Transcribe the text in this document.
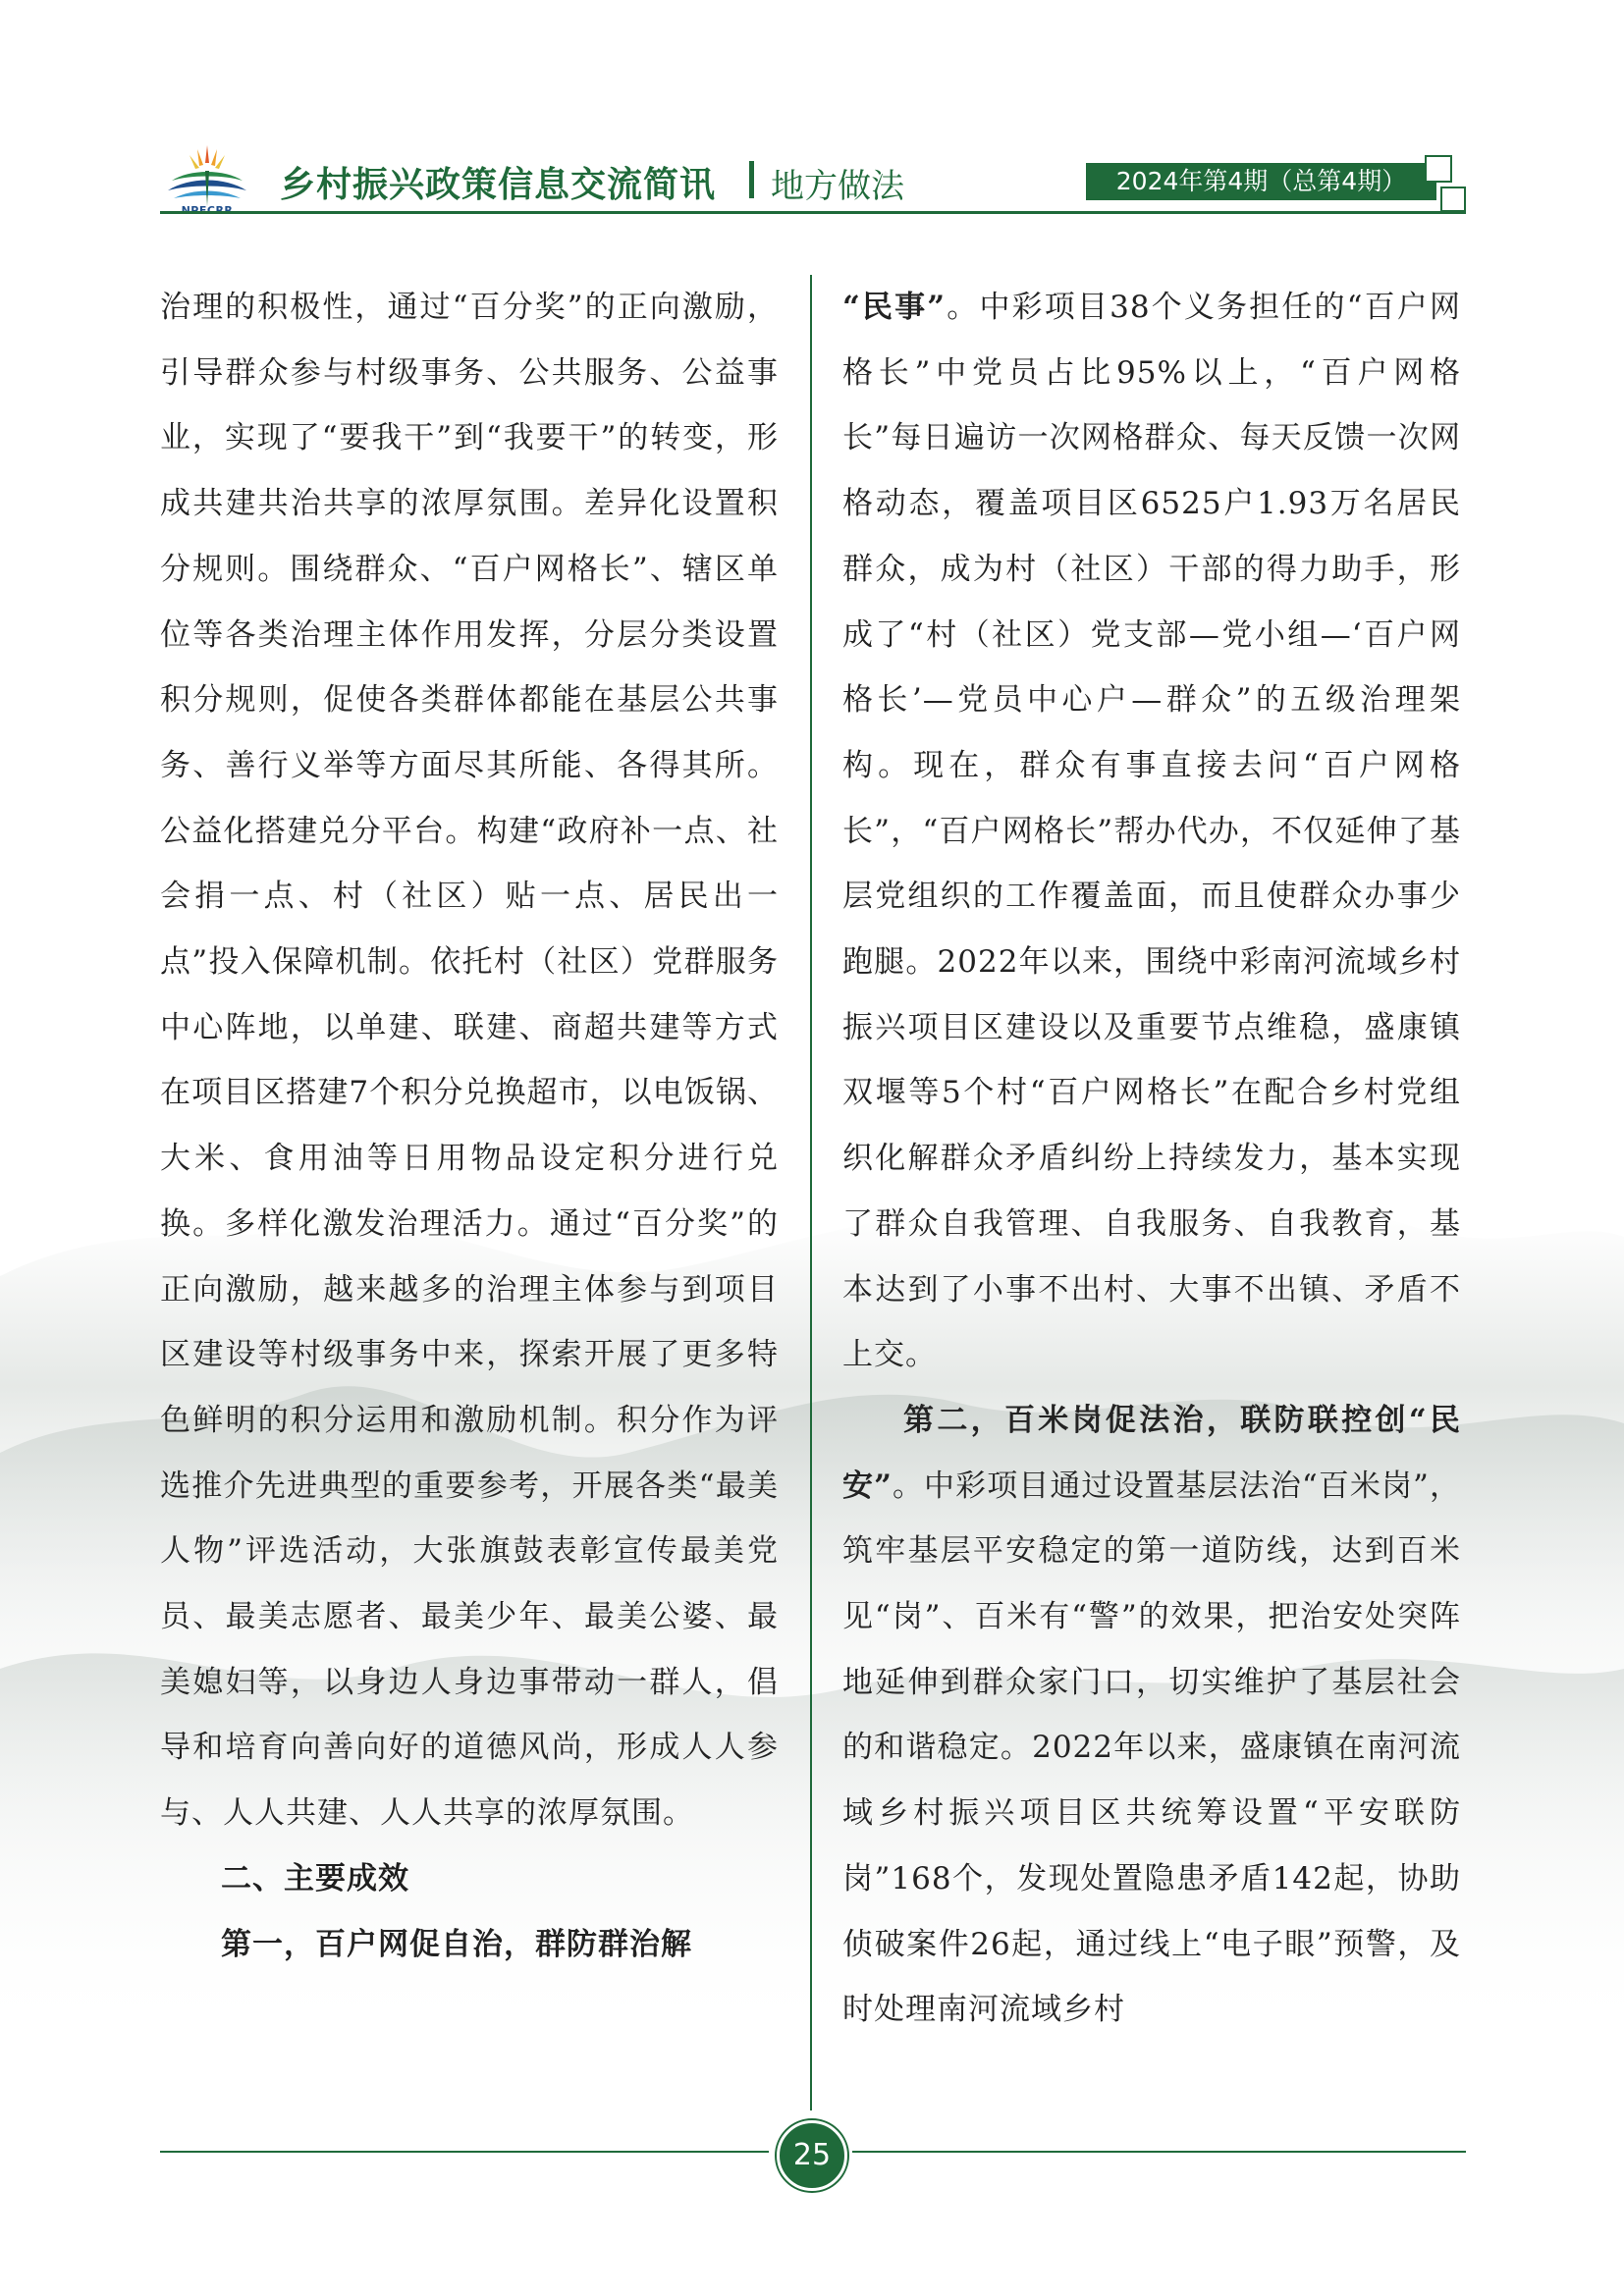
乡村振兴政策信息交流简讯 地方做法	2024年第4期（总第4期）

治理的积极性，通过“百分奖”的正向激励，引导群众参与村级事务、公共服务、公益事业，实现了“要我干”到“我要干”的转变，形成共建共治共享的浓厚氛围。差异化设置积分规则。围绕群众、“百户网格长”、辖区单位等各类治理主体作用发挥，分层分类设置积分规则，促使各类群体都能在基层公共事务、善行义举等方面尽其所能、各得其所。公益化搭建兑分平台。构建“政府补一点、社会捐一点、村（社区）贴一点、居民出一点”投入保障机制。依托村（社区）党群服务中心阵地，以单建、联建、商超共建等方式在项目区搭建7个积分兑换超市，以电饭锅、大米、食用油等日用物品设定积分进行兑换。多样化激发治理活力。通过“百分奖”的正向激励，越来越多的治理主体参与到项目区建设等村级事务中来，探索开展了更多特色鲜明的积分运用和激励机制。积分作为评选推介先进典型的重要参考，开展各类“最美人物”评选活动，大张旗鼓表彰宣传最美党员、最美志愿者、最美少年、最美公婆、最美媳妇等，以身边人身边事带动一群人，倡导和培育向善向好的道德风尚，形成人人参与、人人共建、人人共享的浓厚氛围。

二、主要成效

第一，百户网促自治，群防群治解

“民事”。中彩项目38个义务担任的“百户网格长”中党员占比95%以上，“百户网格长”每日遍访一次网格群众、每天反馈一次网格动态，覆盖项目区6525户1.93万名居民群众，成为村（社区）干部的得力助手，形成了“村（社区）党支部—党小组—‘百户网格长’—党员中心户—群众”的五级治理架构。现在，群众有事直接去问“百户网格长”，“百户网格长”帮办代办，不仅延伸了基层党组织的工作覆盖面，而且使群众办事少跑腿。2022年以来，围绕中彩南河流域乡村振兴项目区建设以及重要节点维稳，盛康镇双堰等5个村“百户网格长”在配合乡村党组织化解群众矛盾纠纷上持续发力，基本实现了群众自我管理、自我服务、自我教育，基本达到了小事不出村、大事不出镇、矛盾不上交。

第二，百米岗促法治，联防联控创“民安”。中彩项目通过设置基层法治“百米岗”，筑牢基层平安稳定的第一道防线，达到百米见“岗”、百米有“警”的效果，把治安处突阵地延伸到群众家门口，切实维护了基层社会的和谐稳定。2022年以来，盛康镇在南河流域乡村振兴项目区共统筹设置“平安联防岗”168个，发现处置隐患矛盾142起，协助侦破案件26起，通过线上“电子眼”预警，及时处理南河流域乡村

25
